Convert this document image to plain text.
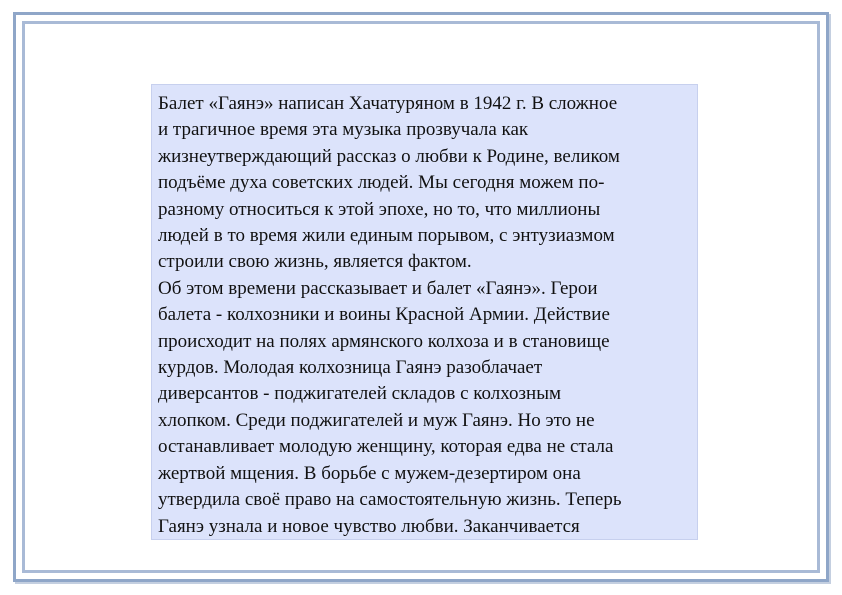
Балет «Гаянэ» написан Хачатуряном в 1942 г. В сложное
и трагичное время эта музыка прозвучала как
жизнеутверждающий рассказ о любви к Родине, великом
подъёме духа советских людей. Мы сегодня можем по-
разному относиться к этой эпохе, но то, что миллионы
людей в то время жили единым порывом, с энтузиазмом
строили свою жизнь, является фактом.

Об этом времени рассказывает и балет «Гаянэ». Герои
балета - колхозники и воины Красной Армии. Действие
происходит на полях армянского колхоза и в становище
курдов. Молодая колхозница Гаянэ разоблачает
диверсантов - поджигателей складов с колхозным
хлопком. Среди поджигателей и муж Гаянэ. Но это не
останавливает молодую женщину, которая едва не стала
жертвой мщения. В борьбе с мужем-дезертиром она
утвердила своё право на самостоятельную жизнь. Теперь
Гаянэ узнала и новое чувство любви. Заканчивается
